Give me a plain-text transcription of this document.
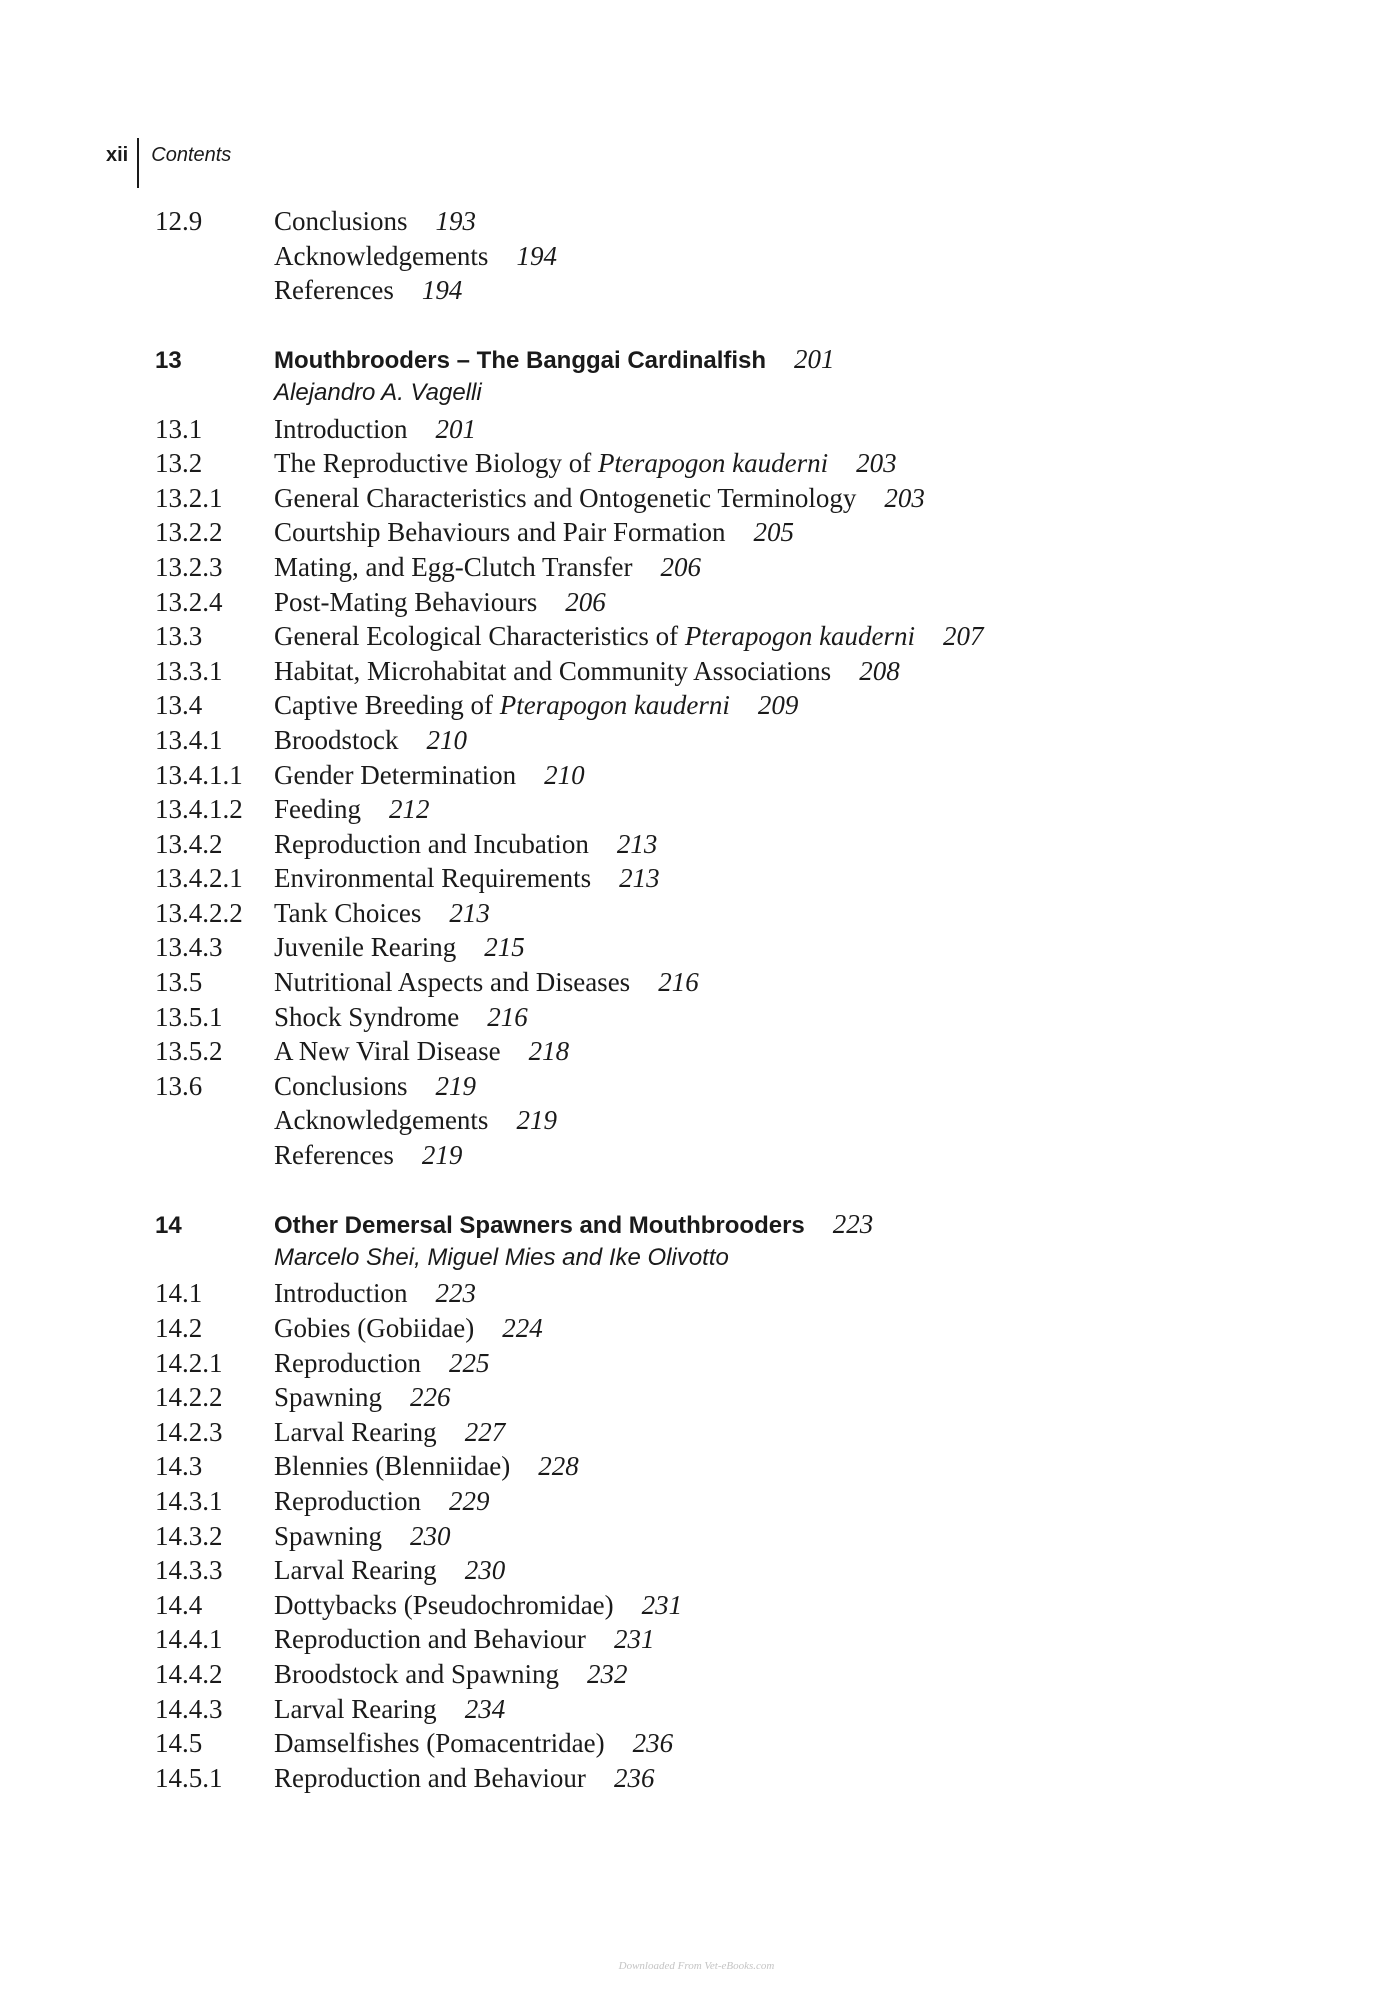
xii	Contents
12.9	Conclusions 193
Acknowledgements 194
References 194
13	Mouthbrooders – The Banggai Cardinalfish 201
Alejandro A. Vagelli
13.1	Introduction 201
13.2	The Reproductive Biology of Pterapogon kauderni 203
13.2.1	General Characteristics and Ontogenetic Terminology 203
13.2.2	Courtship Behaviours and Pair Formation 205
13.2.3	Mating, and Egg-Clutch Transfer 206
13.2.4	Post-Mating Behaviours 206
13.3	General Ecological Characteristics of Pterapogon kauderni 207
13.3.1	Habitat, Microhabitat and Community Associations 208
13.4	Captive Breeding of Pterapogon kauderni 209
13.4.1	Broodstock 210
13.4.1.1	Gender Determination 210
13.4.1.2	Feeding 212
13.4.2	Reproduction and Incubation 213
13.4.2.1	Environmental Requirements 213
13.4.2.2	Tank Choices 213
13.4.3	Juvenile Rearing 215
13.5	Nutritional Aspects and Diseases 216
13.5.1	Shock Syndrome 216
13.5.2	A New Viral Disease 218
13.6	Conclusions 219
Acknowledgements 219
References 219
14	Other Demersal Spawners and Mouthbrooders 223
Marcelo Shei, Miguel Mies and Ike Olivotto
14.1	Introduction 223
14.2	Gobies (Gobiidae) 224
14.2.1	Reproduction 225
14.2.2	Spawning 226
14.2.3	Larval Rearing 227
14.3	Blennies (Blenniidae) 228
14.3.1	Reproduction 229
14.3.2	Spawning 230
14.3.3	Larval Rearing 230
14.4	Dottybacks (Pseudochromidae) 231
14.4.1	Reproduction and Behaviour 231
14.4.2	Broodstock and Spawning 232
14.4.3	Larval Rearing 234
14.5	Damselfishes (Pomacentridae) 236
14.5.1	Reproduction and Behaviour 236
Downloaded From Vet-eBooks.com
